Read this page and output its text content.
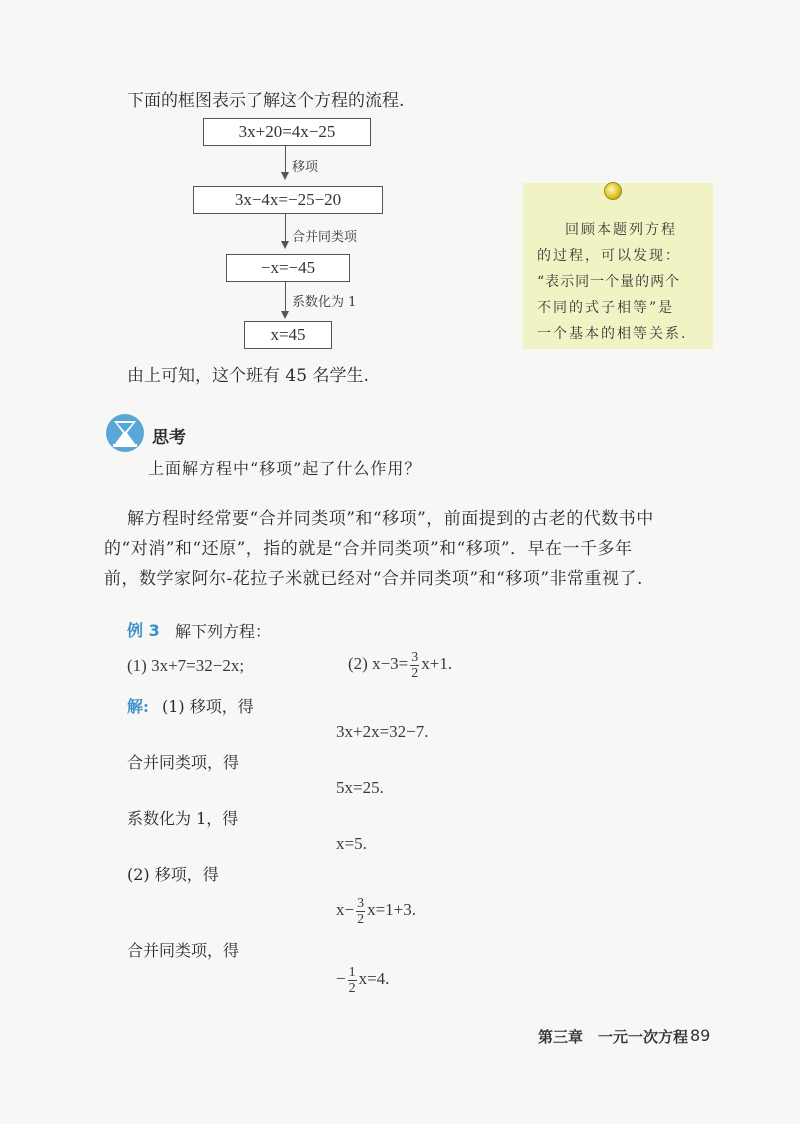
下面的框图表示了解这个方程的流程.
3x+20=4x−25
移项
3x−4x=−25−20
合并同类项
−x=−45
系数化为 1
x=45
回顾本题列方程
的过程，可以发现：
“表示同一个量的两个
不同的式子相等”是
一个基本的相等关系.
由上可知，这个班有 45 名学生.
思考
上面解方程中“移项”起了什么作用？
解方程时经常要“合并同类项”和“移项”，前面提到的古老的代数书中
的“对消”和“还原”，指的就是“合并同类项”和“移项”．早在一千多年
前，数学家阿尔-花拉子米就已经对“合并同类项”和“移项”非常重视了.
例 3 解下列方程：
(1) 3x+7=32−2x;	(2) $x-3= \frac{3}{2} x+1$.
解: (1) 移项，得
3x+2x=32−7.
合并同类项，得
5x=25.
系数化为 1，得
x=5.
(2) 移项，得
$x- \frac{3}{2} x=1+3$.
合并同类项，得
− $\frac{1}{2} x=4$.
第三章　一元一次方程 89
